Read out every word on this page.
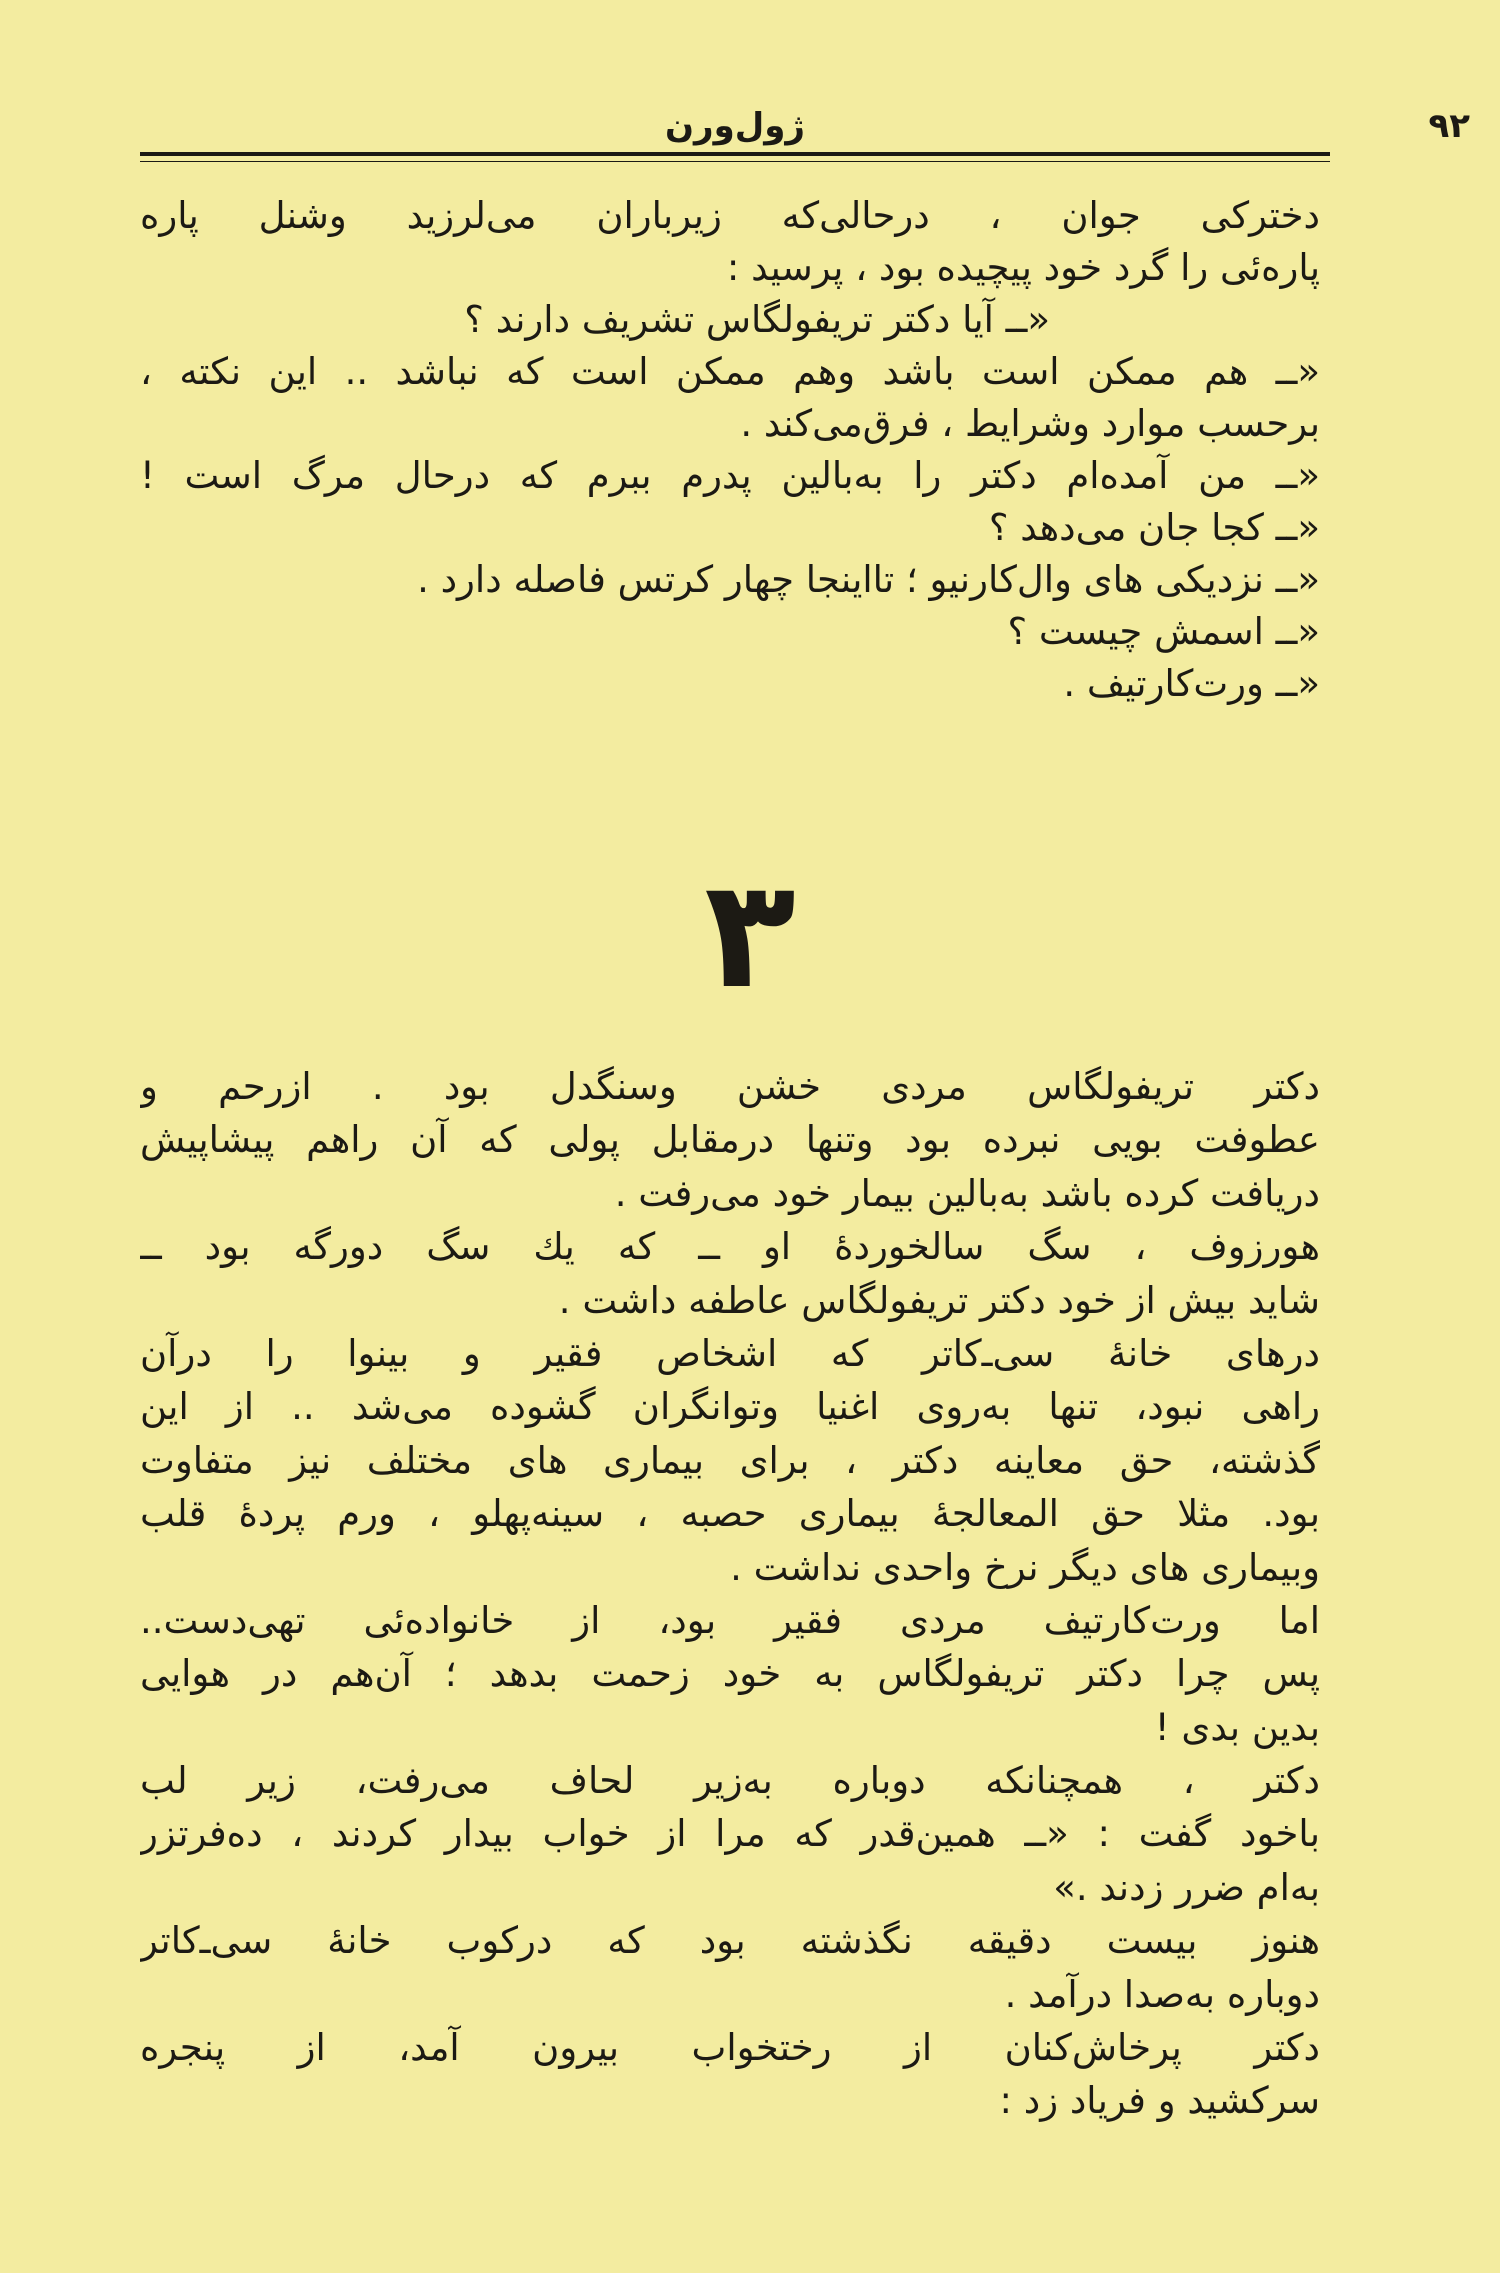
۹۲
ژول‌ورن
دخترکی جوان ، درحالی‌که زیرباران می‌لرزید وشنل پاره
پاره‌ئی را گرد خود پیچیده بود ، پرسید :
«ــ آیا دکتر تریفولگاس تشریف دارند ؟
«ــ هم ممکن است باشد وهم ممکن است که نباشد .. این نکته ،
برحسب موارد وشرایط ، فرق‌می‌کند .
«ــ من آمده‌ام دکتر را به‌بالین پدرم ببرم که درحال مرگ است !
«ــ کجا جان می‌دهد ؟
«ــ نزدیکی های وال‌کارنیو ؛ تااینجا چهار کرتس فاصله دارد .
«ــ اسمش چیست ؟
«ــ ورت‌کارتیف .
۳
دکتر تریفولگاس مردی خشن وسنگدل بود . ازرحم و
عطوفت بویی نبرده بود وتنها درمقابل پولی که آن راهم پیشاپیش
دریافت کرده باشد به‌بالین بیمار خود می‌رفت .
هورزوف ، سگ سالخوردهٔ او ــ که یك سگ دورگه بود ــ
شاید بیش از خود دکتر تریفولگاس عاطفه داشت .
درهای خانهٔ سی‌ـ‌کاتر که اشخاص فقیر و بینوا را درآن
راهی نبود، تنها به‌روی اغنیا وتوانگران گشوده می‌شد .. از این
گذشته، حق معاینه دکتر ، برای بیماری های مختلف نیز متفاوت
بود. مثلا حق المعالجهٔ بیماری حصبه ، سینه‌پهلو ، ورم پردهٔ قلب
وبیماری های دیگر نرخ واحدی نداشت .
اما ورت‌کارتیف مردی فقیر بود، از خانواده‌ئی تهی‌دست..
پس چرا دکتر تریفولگاس به خود زحمت بدهد ؛ آن‌هم در هوایی
بدین بدی !
دکتر ، همچنانکه دوباره به‌زیر لحاف می‌رفت، زیر لب
باخود گفت : «ــ همین‌قدر که مرا از خواب بیدار کردند ، ده‌فرتزر
به‌ام ضرر زدند .»
هنوز بیست دقیقه نگذشته بود که درکوب خانهٔ سی‌ـ‌کاتر
دوباره به‌صدا درآمد .
دکتر پرخاش‌کنان از رختخواب بیرون آمد، از پنجره
سرکشید و فریاد زد :
